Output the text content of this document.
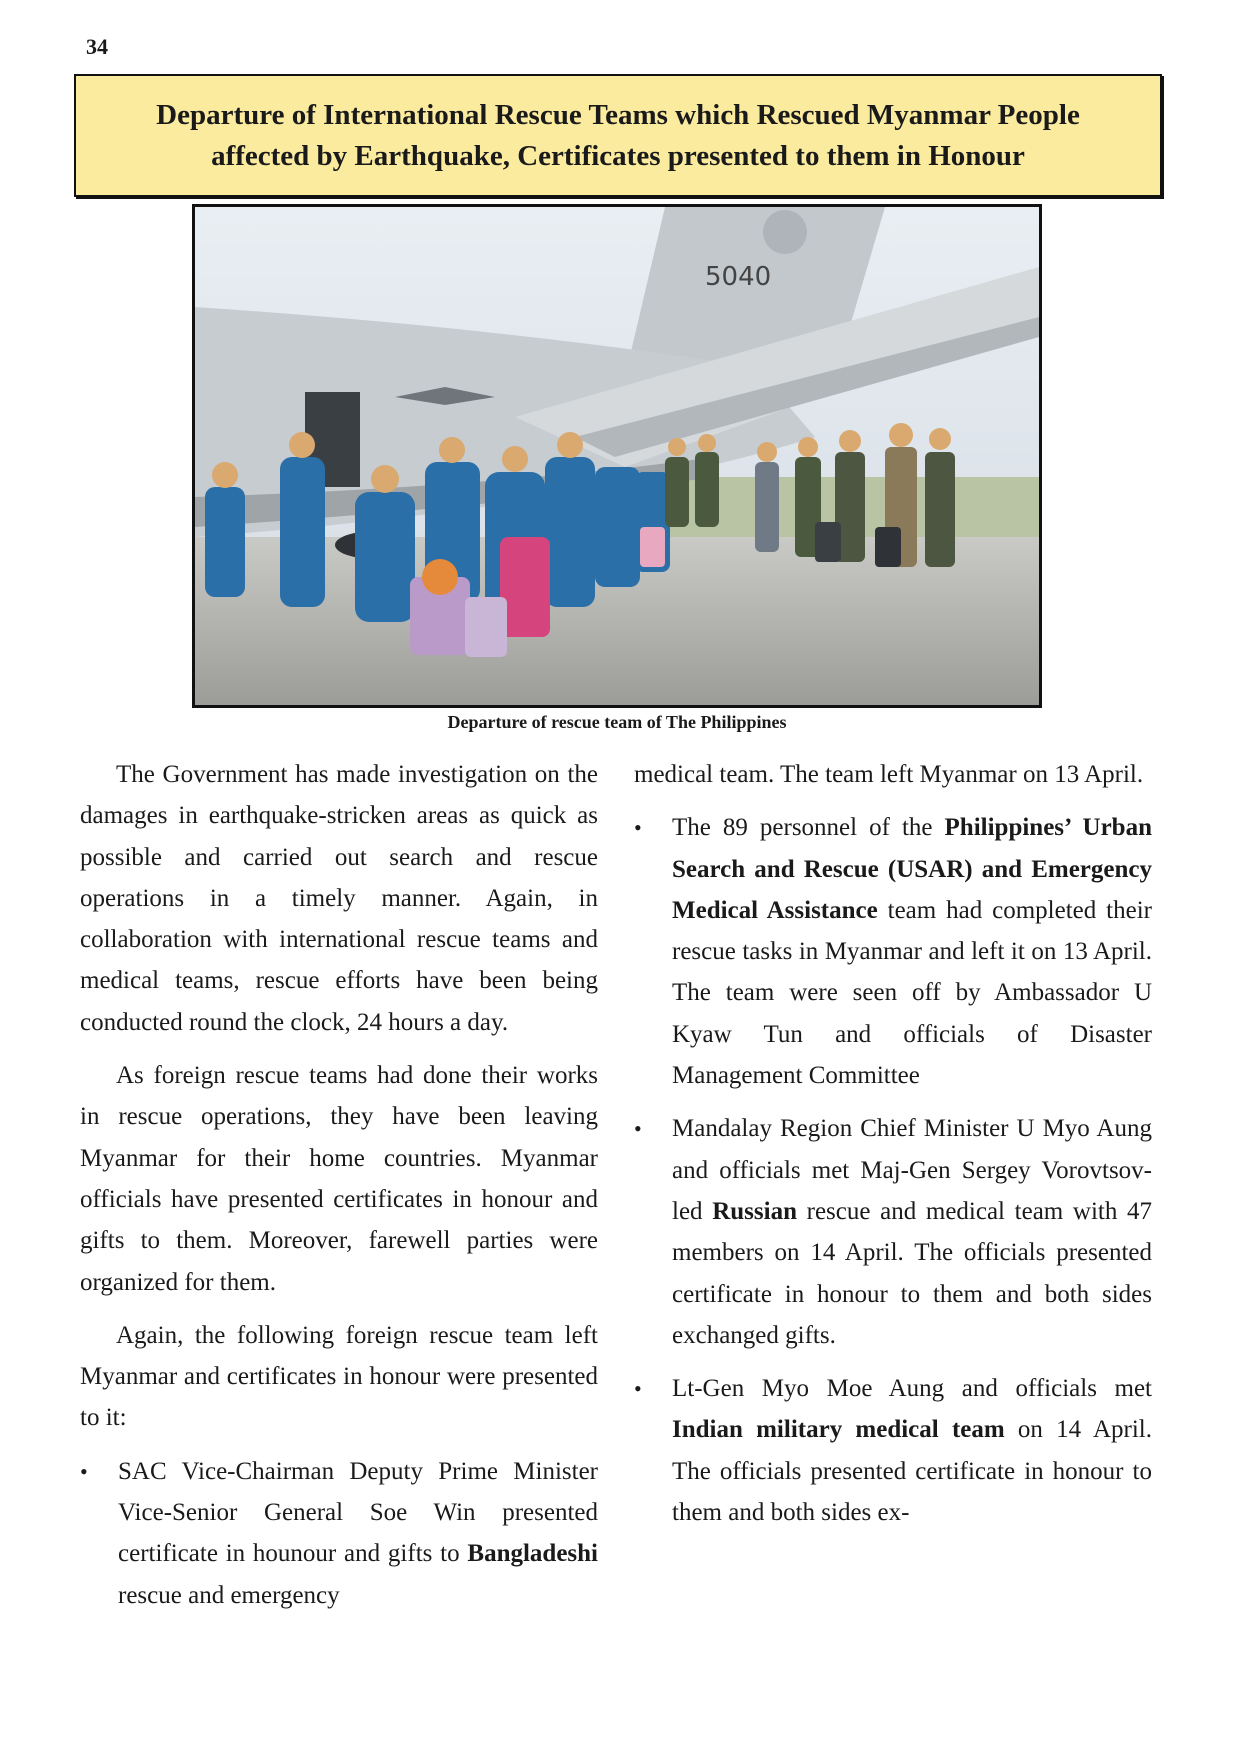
34
Departure of International Rescue Teams which Rescued Myanmar People
affected by Earthquake, Certificates presented to them in Honour
5040
Departure of rescue team of The Philippines

The Government has made investigation on the damages in earthquake-stricken areas as quick as possible and carried out search and rescue operations in a timely manner. Again, in collaboration with international rescue teams and medical teams, rescue efforts have been being conducted round the clock, 24 hours a day.

As foreign rescue teams had done their works in rescue operations, they have been leaving Myanmar for their home countries. Myanmar officials have presented certificates in honour and gifts to them. Moreover, farewell parties were organized for them.

Again, the following foreign rescue team left Myanmar and certificates in honour were presented to it:

• SAC Vice-Chairman Deputy Prime Minister Vice-Senior General Soe Win presented certificate in hounour and gifts to Bangladeshi rescue and emergency

medical team. The team left Myanmar on 13 April.

• The 89 personnel of the Philippines’ Urban Search and Rescue (USAR) and Emergency Medical Assistance team had completed their rescue tasks in Myanmar and left it on 13 April. The team were seen off by Ambassador U Kyaw Tun and officials of Disaster Management Committee
• Mandalay Region Chief Minister U Myo Aung and officials met Maj-Gen Sergey Vorovtsov-led Russian rescue and medical team with 47 members on 14 April. The officials presented certificate in honour to them and both sides exchanged gifts.
• Lt-Gen Myo Moe Aung and officials met Indian military medical team on 14 April. The officials presented certificate in honour to them and both sides ex-
